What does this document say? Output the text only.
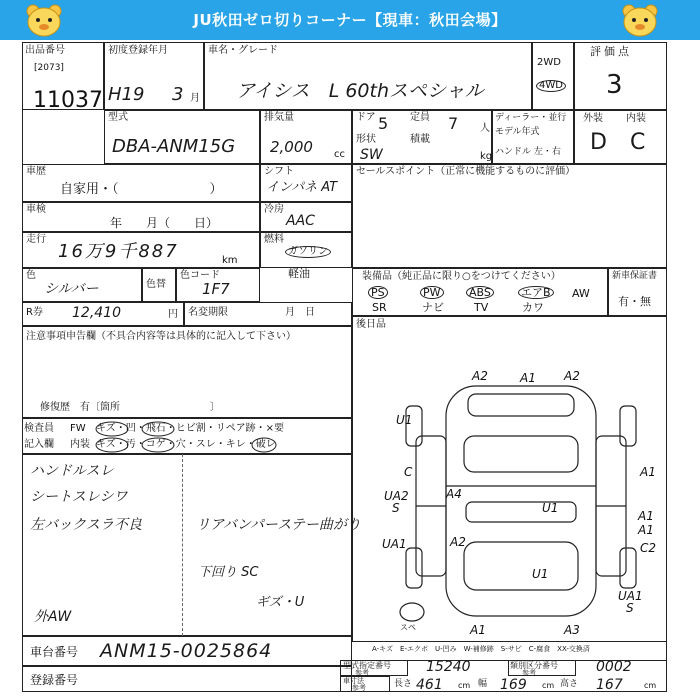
JU秋田ゼロ切りコーナー【現車：秋田会場】
出品番号
[2073]
11037
初度登録年月
H19 3 月
車名・グレード
アイシス　L 60thスペシャル
2WD
4WD
評価点
3
型式
DBA-ANM15G
排気量
2,000 cc
ドア 5 定員 7 人
形状
SW
積載
kg
ディーラー・並行
モデル年式
ハンドル 左・右
外装 内装
D C
車歴
自家用・（　　　　　　　）
シフト
インパネ AT
車検
年　　月（　　日）
冷房
AAC
走行
16万9千887	km
燃料
ガソリン
軽油
色
シルバー	色替
色コード
1F7
R券 12,410	円 名変期限	月　日
注意事項申告欄（不具合内容等は具体的に記入して下さい）
修復歴　有〔箇所　　　　　　　　　〕
セールスポイント（正常に機能するものに評価）
装備品（純正品に限り○をつけてください）
PS	PW	ABS	エアB AW
SR	ナビ	TV	カワ
新車保証書
有・無
後日品
検査員
記入欄
FW キズ・凹・飛石・ヒビ割・リペア跡・×要
内装 キズ・汚・コゲ・穴・スレ・キレ・破レ
ハンドルスレ
シートスレシワ
左バックスラ不良	リアバンパーステー曲がり
下回り SC
ギズ・U
外AW
A2	A1 A2
U1
A1
C
A4
UA2
S	U1
A1
A1
UA1	A2	C2
U1
UA1
S
A1	A3
スペ
A-キズ　E-エクボ　U-凹み　W-補修跡　S-サビ　C-腐食　XX-交換済
車台番号 ANM15-0025864
登録番号
型式指定番号
参考	15240	類別区分番号
参考	0002
車寸法
参考	長さ 461 cm 幅 169 cm 高さ 167	cm
